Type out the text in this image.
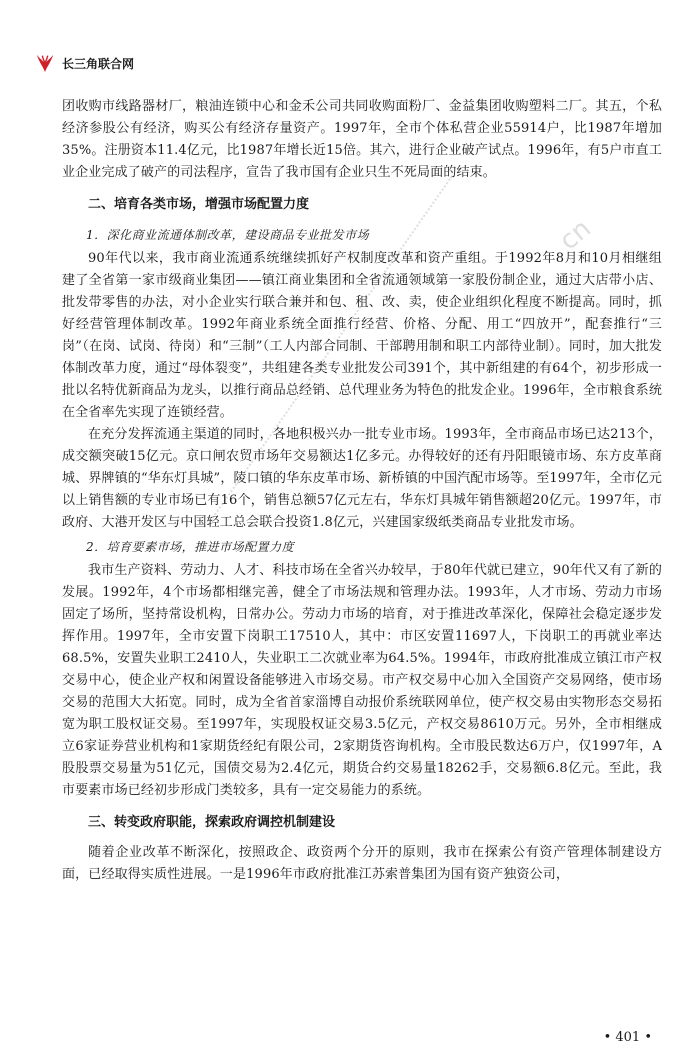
长三角联合网
cn

团收购市线路器材厂，粮油连锁中心和金禾公司共同收购面粉厂、金益集团收购塑料二厂。其五，个私经济参股公有经济，购买公有经济存量资产。1997年，全市个体私营企业55914户，比1987年增加35%。注册资本11.4亿元，比1987年增长近15倍。其六，进行企业破产试点。1996年，有5户市直工业企业完成了破产的司法程序，宣告了我市国有企业只生不死局面的结束。

二、培育各类市场，增强市场配置力度
1．深化商业流通体制改革，建设商品专业批发市场

90年代以来，我市商业流通系统继续抓好产权制度改革和资产重组。于1992年8月和10月相继组建了全省第一家市级商业集团——镇江商业集团和全省流通领域第一家股份制企业，通过大店带小店、批发带零售的办法，对小企业实行联合兼并和包、租、改、卖，使企业组织化程度不断提高。同时，抓好经营管理体制改革。1992年商业系统全面推行经营、价格、分配、用工“四放开”，配套推行“三岗”（在岗、试岗、待岗）和“三制”（工人内部合同制、干部聘用制和职工内部待业制）。同时，加大批发体制改革力度，通过“母体裂变”，共组建各类专业批发公司391个，其中新组建的有64个，初步形成一批以名特优新商品为龙头，以推行商品总经销、总代理业务为特色的批发企业。1996年，全市粮食系统在全省率先实现了连锁经营。

在充分发挥流通主渠道的同时，各地积极兴办一批专业市场。1993年，全市商品市场已达213个，成交额突破15亿元。京口闸农贸市场年交易额达1亿多元。办得较好的还有丹阳眼镜市场、东方皮革商城、界牌镇的“华东灯具城”，陵口镇的华东皮革市场、新桥镇的中国汽配市场等。至1997年，全市亿元以上销售额的专业市场已有16个，销售总额57亿元左右，华东灯具城年销售额超20亿元。1997年，市政府、大港开发区与中国轻工总会联合投资1.8亿元，兴建国家级纸类商品专业批发市场。

2．培育要素市场，推进市场配置力度

我市生产资料、劳动力、人才、科技市场在全省兴办较早，于80年代就已建立，90年代又有了新的发展。1992年，4个市场都相继完善，健全了市场法规和管理办法。1993年，人才市场、劳动力市场固定了场所，坚持常设机构，日常办公。劳动力市场的培育，对于推进改革深化，保障社会稳定逐步发挥作用。1997年，全市安置下岗职工17510人，其中：市区安置11697人，下岗职工的再就业率达68.5%，安置失业职工2410人，失业职工二次就业率为64.5%。1994年，市政府批准成立镇江市产权交易中心，使企业产权和闲置设备能够进入市场交易。市产权交易中心加入全国资产交易网络，使市场交易的范围大大拓宽。同时，成为全省首家淄博自动报价系统联网单位，使产权交易由实物形态交易拓宽为职工股权证交易。至1997年，实现股权证交易3.5亿元，产权交易8610万元。另外，全市相继成立6家证券营业机构和1家期货经纪有限公司，2家期货咨询机构。全市股民数达6万户，仅1997年，A股股票交易量为51亿元，国债交易为2.4亿元，期货合约交易量18262手，交易额6.8亿元。至此，我市要素市场已经初步形成门类较多，具有一定交易能力的系统。

三、转变政府职能，探索政府调控机制建设

随着企业改革不断深化，按照政企、政资两个分开的原则，我市在探索公有资产管理体制建设方面，已经取得实质性进展。一是1996年市政府批准江苏索普集团为国有资产独资公司，

• 401 •
